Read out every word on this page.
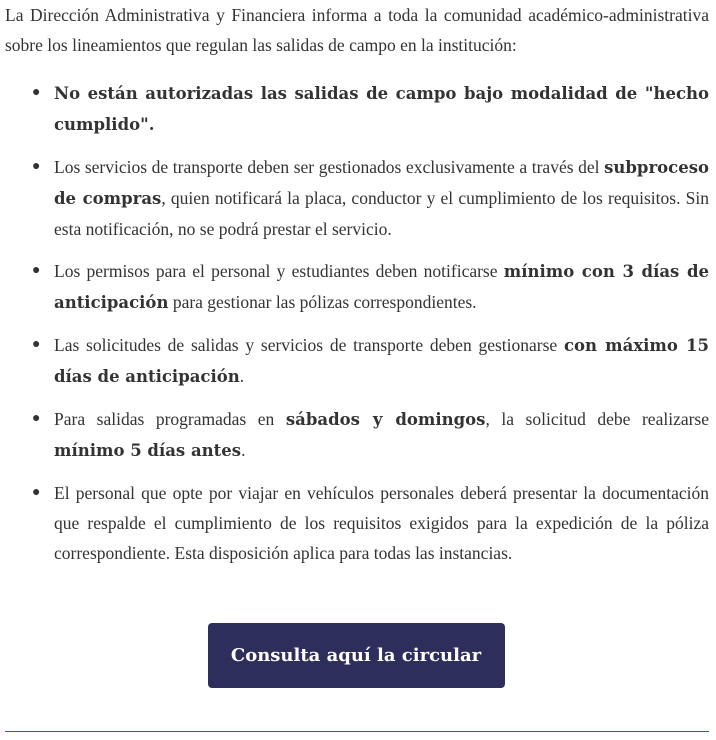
La Dirección Administrativa y Financiera informa a toda la comunidad académico-administrativa sobre los lineamientos que regulan las salidas de campo en la institución:

● No están autorizadas las salidas de campo bajo modalidad de "hecho cumplido".
● Los servicios de transporte deben ser gestionados exclusivamente a través del subproceso de compras, quien notificará la placa, conductor y el cumplimiento de los requisitos. Sin esta notificación, no se podrá prestar el servicio.
● Los permisos para el personal y estudiantes deben notificarse mínimo con 3 días de anticipación para gestionar las pólizas correspondientes.
● Las solicitudes de salidas y servicios de transporte deben gestionarse con máximo 15 días de anticipación.
● Para salidas programadas en sábados y domingos, la solicitud debe realizarse mínimo 5 días antes.
● El personal que opte por viajar en vehículos personales deberá presentar la documentación que respalde el cumplimiento de los requisitos exigidos para la expedición de la póliza correspondiente. Esta disposición aplica para todas las instancias.
Consulta aquí la circular
